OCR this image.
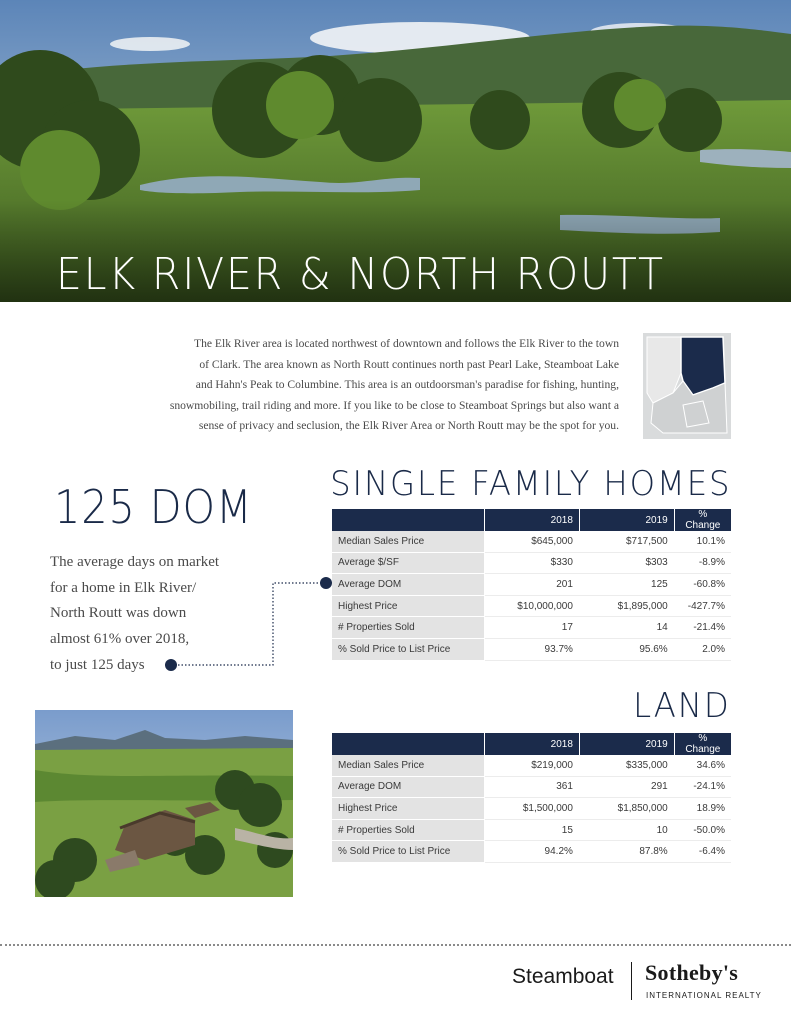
ELK RIVER & NORTH ROUTT
The Elk River area is located northwest of downtown and follows the Elk River to the town
of Clark. The area known as North Routt continues north past Pearl Lake, Steamboat Lake
and Hahn's Peak to Columbine. This area is an outdoorsman's paradise for fishing, hunting,
snowmobiling, trail riding and more. If you like to be close to Steamboat Springs but also want a
sense of privacy and seclusion, the Elk River Area or North Routt may be the spot for you.
125 DOM
The average days on market
for a home in Elk River/
North Routt was down
almost 61% over 2018,
to just 125 days
SINGLE FAMILY HOMES
	2018	2019	% Change
Median Sales Price	$645,000	$717,500	10.1%
Average $/SF	$330	$303	-8.9%
Average DOM	201	125	-60.8%
Highest Price	$10,000,000	$1,895,000	-427.7%
# Properties Sold	17	14	-21.4%
% Sold Price to List Price	93.7%	95.6%	2.0%
LAND
	2018	2019	% Change
Median Sales Price	$219,000	$335,000	34.6%
Average DOM	361	291	-24.1%
Highest Price	$1,500,000	$1,850,000	18.9%
# Properties Sold	15	10	-50.0%
% Sold Price to List Price	94.2%	87.8%	-6.4%
Steamboat Sotheby's
INTERNATIONAL REALTY
